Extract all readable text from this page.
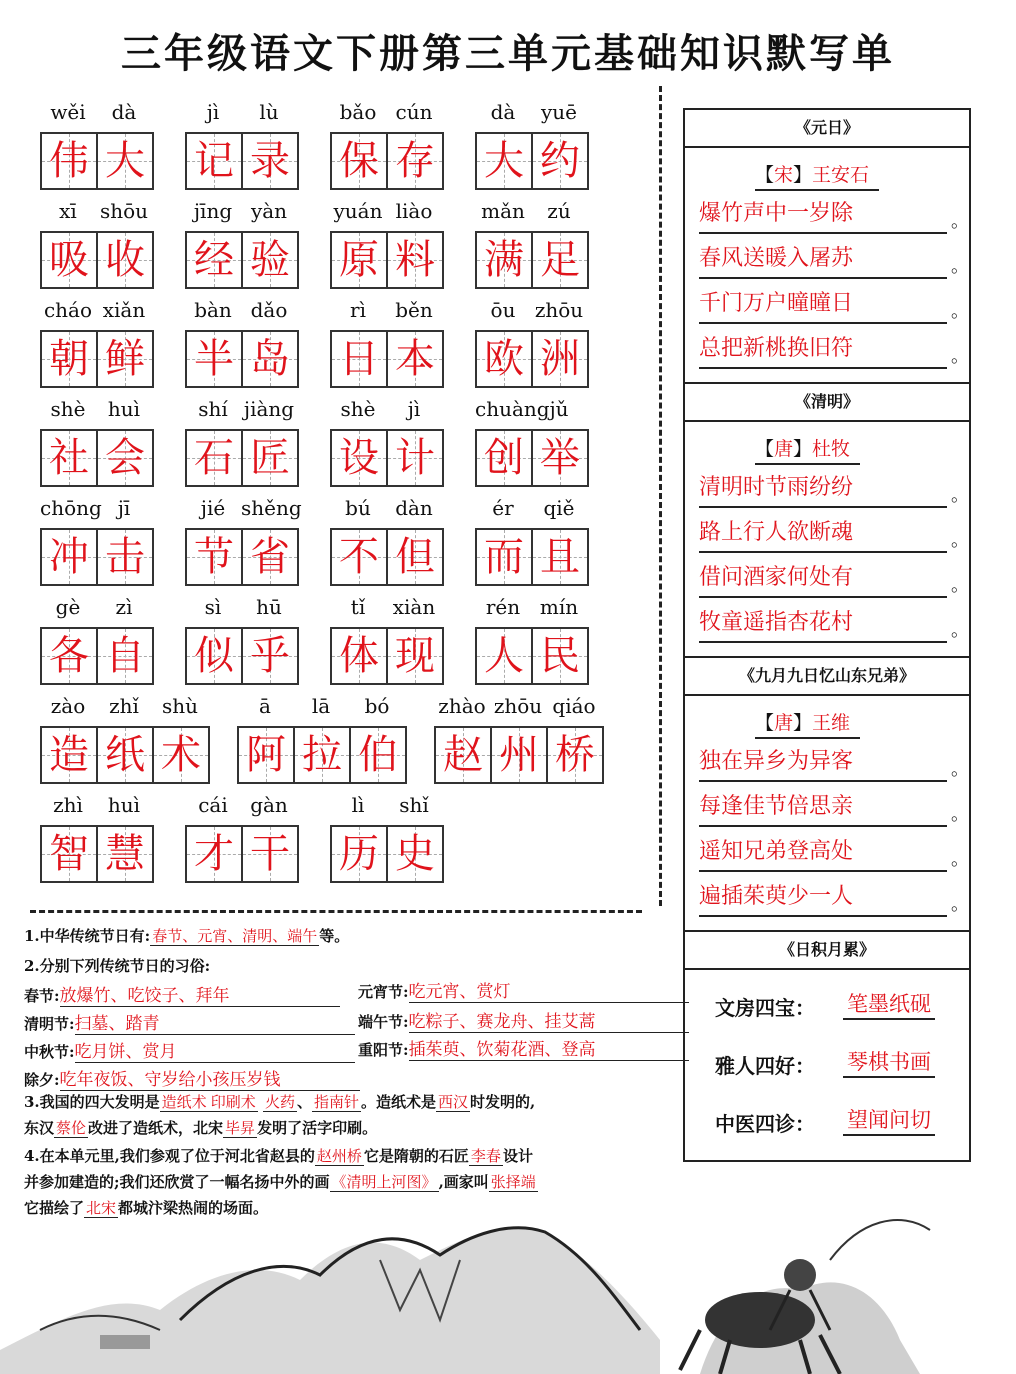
三年级语文下册第三单元基础知识默写单
wěi	dà
伟 大
jì	lù
记 录
bǎo cún
保 存
dà	yuē
大 约
xī	shōu
吸 收
jīng yàn
经 验
yuán liào
原 料
mǎn	zú
满 足
cháo xiǎn
朝 鲜
bàn dǎo
半 岛
rì	běn
日 本
ōu zhōu
欧 洲
shè	huì
社 会
shí jiàng
石 匠
shè	jì
设 计
chuàng jǔ
创 举
chōng jī
冲 击
jié shěng
节 省
bú	dàn
不 但
ér	qiě
而 且
gè	zì
各 自
sì	hū
似 乎
tǐ	xiàn
体 现
rén mín
人 民
zào	zhǐ	shù
造 纸 术
ā	lā	bó
阿 拉 伯
zhào zhōu qiáo
赵 州 桥
zhì	huì
智 慧
cái	gàn
才 干
lì	shǐ
历 史
《元日》
【宋】王安石
爆竹声中一岁除 。
春风送暖入屠苏 。
千门万户曈曈日 。
总把新桃换旧符 。
《清明》
【唐】杜牧
清明时节雨纷纷 。
路上行人欲断魂 。
借问酒家何处有 。
牧童遥指杏花村 。
《九月九日忆山东兄弟》
【唐】王维
独在异乡为异客 。
每逢佳节倍思亲 。
遥知兄弟登高处 。
遍插茱萸少一人 。
《日积月累》
文房四宝： 笔墨纸砚
雅人四好： 琴棋书画
中医四诊： 望闻问切
1.中华传统节日有: 春节、元宵、清明、端午 等。
2.分别下列传统节日的习俗:
春节:放爆竹、吃饺子、拜年	元宵节:吃元宵、赏灯
清明节:扫墓、踏青	端午节:吃粽子、赛龙舟、挂艾蒿
中秋节:吃月饼、赏月	重阳节:插茱萸、饮菊花酒、登高
除夕:吃年夜饭、守岁给小孩压岁钱
3.我国的四大发明是 造纸术 印刷术 火药 、 指南针 。造纸术是 西汉 时发明的,
东汉 蔡伦 改进了造纸术，北宋 毕昇 发明了活字印刷。
4.在本单元里,我们参观了位于河北省赵县的 赵州桥 它是隋朝的石匠 李春 设计
并参加建造的;我们还欣赏了一幅名扬中外的画 《清明上河图》 ,画家叫 张择端
它描绘了 北宋 都城汴梁热闹的场面。
